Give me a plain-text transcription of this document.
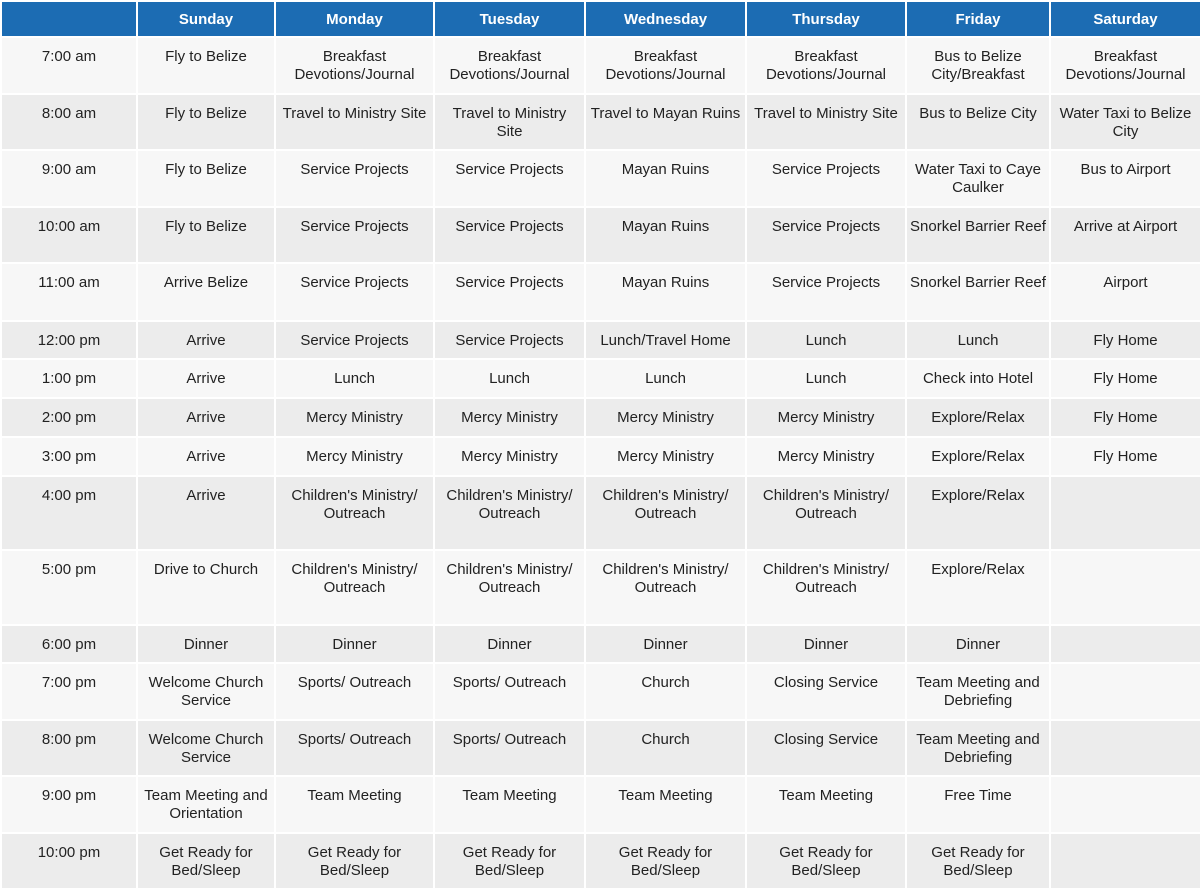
	Sunday	Monday	Tuesday	Wednesday	Thursday	Friday	Saturday
7:00 am	Fly to Belize	Breakfast Devotions/Journal	Breakfast Devotions/Journal	Breakfast Devotions/Journal	Breakfast Devotions/Journal	Bus to Belize City/Breakfast	Breakfast Devotions/Journal
8:00 am	Fly to Belize	Travel to Ministry Site	Travel to Ministry Site	Travel to Mayan Ruins	Travel to Ministry Site	Bus to Belize City	Water Taxi to Belize City
9:00 am	Fly to Belize	Service Projects	Service Projects	Mayan Ruins	Service Projects	Water Taxi to Caye Caulker	Bus to Airport
10:00 am	Fly to Belize	Service Projects	Service Projects	Mayan Ruins	Service Projects	Snorkel Barrier Reef	Arrive at Airport
11:00 am	Arrive Belize	Service Projects	Service Projects	Mayan Ruins	Service Projects	Snorkel Barrier Reef	Airport
12:00 pm	Arrive	Service Projects	Service Projects	Lunch/Travel Home	Lunch	Lunch	Fly Home
1:00 pm	Arrive	Lunch	Lunch	Lunch	Lunch	Check into Hotel	Fly Home
2:00 pm	Arrive	Mercy Ministry	Mercy Ministry	Mercy Ministry	Mercy Ministry	Explore/Relax	Fly Home
3:00 pm	Arrive	Mercy Ministry	Mercy Ministry	Mercy Ministry	Mercy Ministry	Explore/Relax	Fly Home
4:00 pm	Arrive	Children's Ministry/ Outreach	Children's Ministry/ Outreach	Children's Ministry/ Outreach	Children's Ministry/ Outreach	Explore/Relax	
5:00 pm	Drive to Church	Children's Ministry/ Outreach	Children's Ministry/ Outreach	Children's Ministry/ Outreach	Children's Ministry/ Outreach	Explore/Relax	
6:00 pm	Dinner	Dinner	Dinner	Dinner	Dinner	Dinner	
7:00 pm	Welcome Church Service	Sports/ Outreach	Sports/ Outreach	Church	Closing Service	Team Meeting and Debriefing	
8:00 pm	Welcome Church Service	Sports/ Outreach	Sports/ Outreach	Church	Closing Service	Team Meeting and Debriefing	
9:00 pm	Team Meeting and Orientation	Team Meeting	Team Meeting	Team Meeting	Team Meeting	Free Time	
10:00 pm	Get Ready for Bed/Sleep	Get Ready for Bed/Sleep	Get Ready for Bed/Sleep	Get Ready for Bed/Sleep	Get Ready for Bed/Sleep	Get Ready for Bed/Sleep	
